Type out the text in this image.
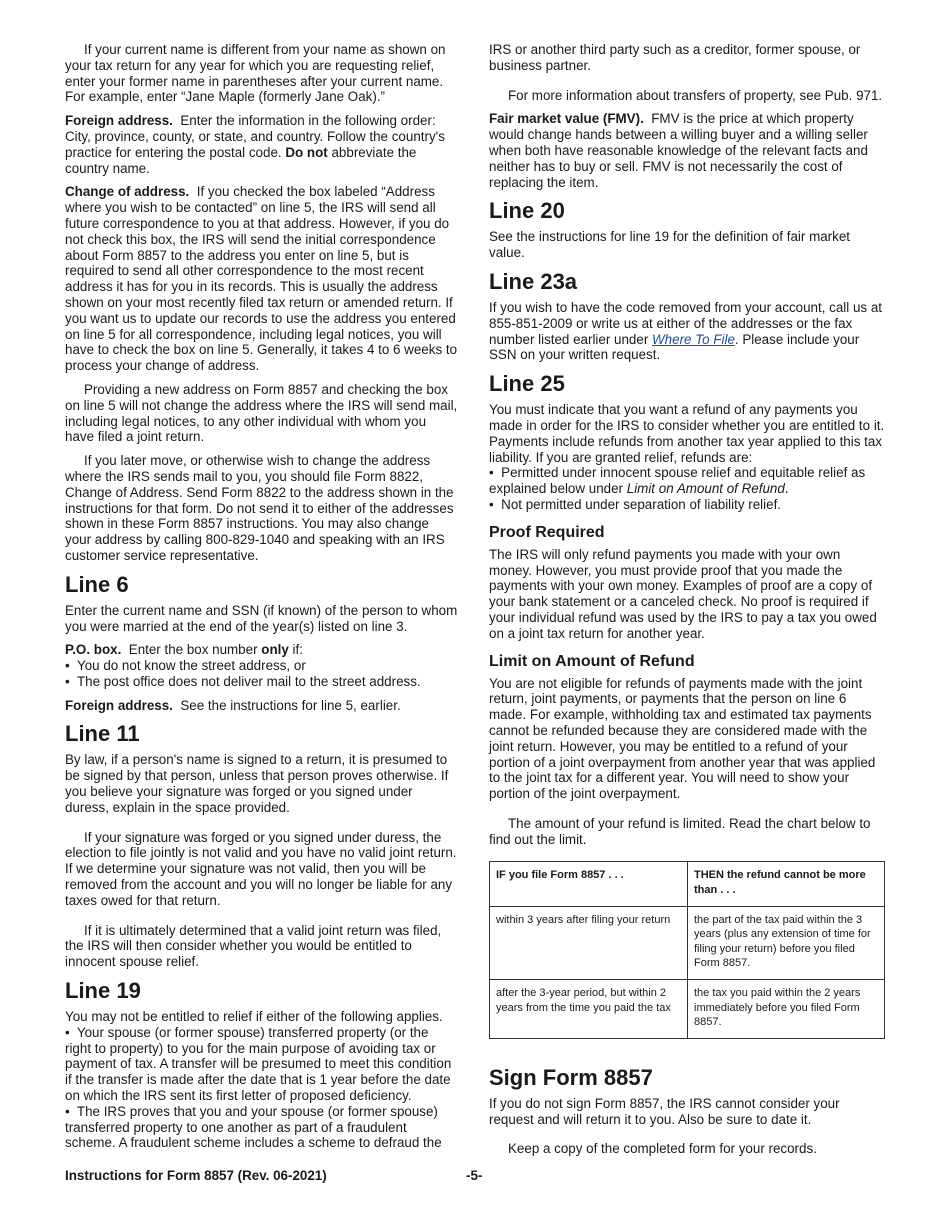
If your current name is different from your name as shown on your tax return for any year for which you are requesting relief, enter your former name in parentheses after your current name. For example, enter “Jane Maple (formerly Jane Oak).”

Foreign address. Enter the information in the following order: City, province, county, or state, and country. Follow the country's practice for entering the postal code. Do not abbreviate the country name.

Change of address. If you checked the box labeled “Address where you wish to be contacted” on line 5, the IRS will send all future correspondence to you at that address. However, if you do not check this box, the IRS will send the initial correspondence about Form 8857 to the address you enter on line 5, but is required to send all other correspondence to the most recent address it has for you in its records. This is usually the address shown on your most recently filed tax return or amended return. If you want us to update our records to use the address you entered on line 5 for all correspondence, including legal notices, you will have to check the box on line 5. Generally, it takes 4 to 6 weeks to process your change of address.

Providing a new address on Form 8857 and checking the box on line 5 will not change the address where the IRS will send mail, including legal notices, to any other individual with whom you have filed a joint return.

If you later move, or otherwise wish to change the address where the IRS sends mail to you, you should file Form 8822, Change of Address. Send Form 8822 to the address shown in the instructions for that form. Do not send it to either of the addresses shown in these Form 8857 instructions. You may also change your address by calling 800-829-1040 and speaking with an IRS customer service representative.

Line 6

Enter the current name and SSN (if known) of the person to whom you were married at the end of the year(s) listed on line 3.

P.O. box. Enter the box number only if:

• You do not know the street address, or
• The post office does not deliver mail to the street address.

Foreign address. See the instructions for line 5, earlier.

Line 11

By law, if a person's name is signed to a return, it is presumed to be signed by that person, unless that person proves otherwise. If you believe your signature was forged or you signed under duress, explain in the space provided.

If your signature was forged or you signed under duress, the election to file jointly is not valid and you have no valid joint return. If we determine your signature was not valid, then you will be removed from the account and you will no longer be liable for any taxes owed for that return.

If it is ultimately determined that a valid joint return was filed, the IRS will then consider whether you would be entitled to innocent spouse relief.

Line 19

You may not be entitled to relief if either of the following applies.

• Your spouse (or former spouse) transferred property (or the right to property) to you for the main purpose of avoiding tax or payment of tax. A transfer will be presumed to meet this condition if the transfer is made after the date that is 1 year before the date on which the IRS sent its first letter of proposed deficiency.

• The IRS proves that you and your spouse (or former spouse) transferred property to one another as part of a fraudulent scheme. A fraudulent scheme includes a scheme to defraud the

IRS or another third party such as a creditor, former spouse, or business partner.

For more information about transfers of property, see Pub. 971.

Fair market value (FMV). FMV is the price at which property would change hands between a willing buyer and a willing seller when both have reasonable knowledge of the relevant facts and neither has to buy or sell. FMV is not necessarily the cost of replacing the item.

Line 20

See the instructions for line 19 for the definition of fair market value.

Line 23a

If you wish to have the code removed from your account, call us at 855-851-2009 or write us at either of the addresses or the fax number listed earlier under Where To File. Please include your SSN on your written request.

Line 25

You must indicate that you want a refund of any payments you made in order for the IRS to consider whether you are entitled to it. Payments include refunds from another tax year applied to this tax liability. If you are granted relief, refunds are:

• Permitted under innocent spouse relief and equitable relief as explained below under Limit on Amount of Refund.

• Not permitted under separation of liability relief.

Proof Required

The IRS will only refund payments you made with your own money. However, you must provide proof that you made the payments with your own money. Examples of proof are a copy of your bank statement or a canceled check. No proof is required if your individual refund was used by the IRS to pay a tax you owed on a joint tax return for another year.

Limit on Amount of Refund

You are not eligible for refunds of payments made with the joint return, joint payments, or payments that the person on line 6 made. For example, withholding tax and estimated tax payments cannot be refunded because they are considered made with the joint return. However, you may be entitled to a refund of your portion of a joint overpayment from another year that was applied to the joint tax for a different year. You will need to show your portion of the joint overpayment.

The amount of your refund is limited. Read the chart below to find out the limit.

IF you file Form 8857 . . .	THEN the refund cannot be more than . . .
within 3 years after filing your return	the part of the tax paid within the 3 years (plus any extension of time for filing your return) before you filed Form 8857.
after the 3-year period, but within 2 years from the time you paid the tax	the tax you paid within the 2 years immediately before you filed Form 8857.
Sign Form 8857

If you do not sign Form 8857, the IRS cannot consider your request and will return it to you. Also be sure to date it.

Keep a copy of the completed form for your records.

Instructions for Form 8857 (Rev. 06-2021)	-5-
